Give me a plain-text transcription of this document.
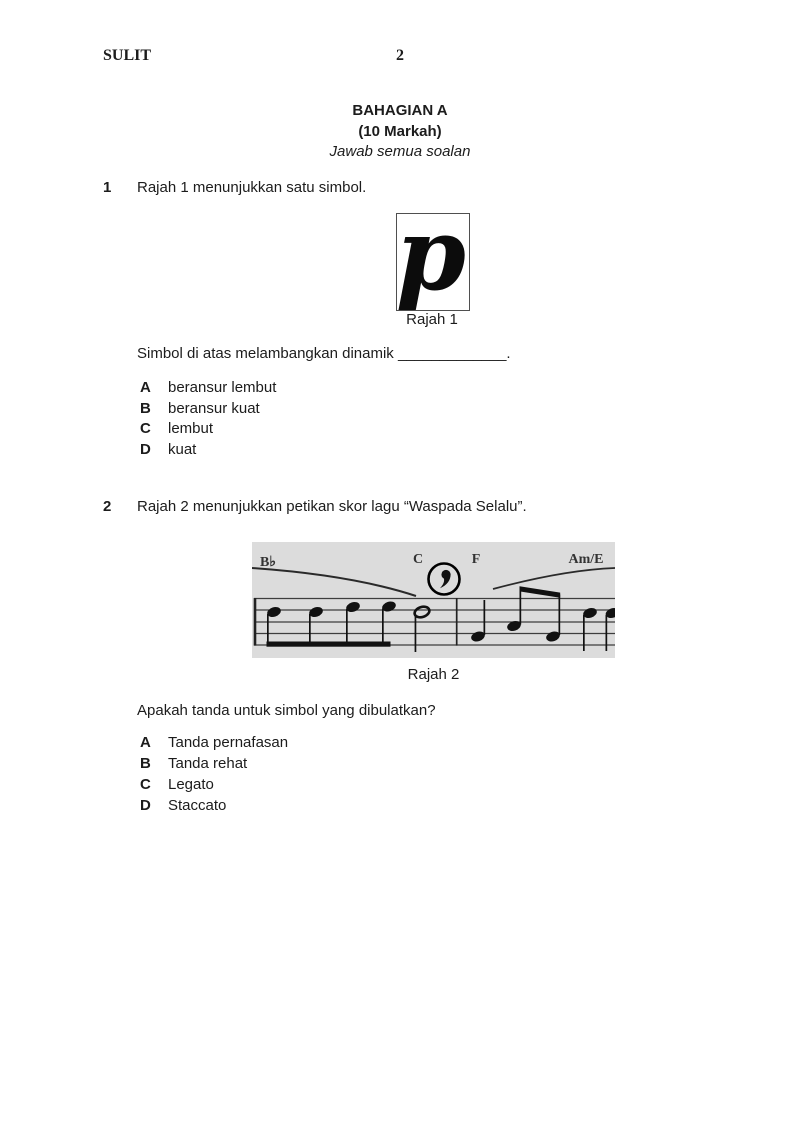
SULIT	2
BAHAGIAN A
(10 Markah)
Jawab semua soalan
1 Rajah 1 menunjukkan satu simbol.
p
Rajah 1
Simbol di atas melambangkan dinamik _____________.
A beransur lembut
B beransur kuat
C lembut
D kuat
2 Rajah 2 menunjukkan petikan skor lagu “Waspada Selalu”.
B♭	C	F	Am/E
Rajah 2
Apakah tanda untuk simbol yang dibulatkan?
A Tanda pernafasan
B Tanda rehat
C Legato
D Staccato
